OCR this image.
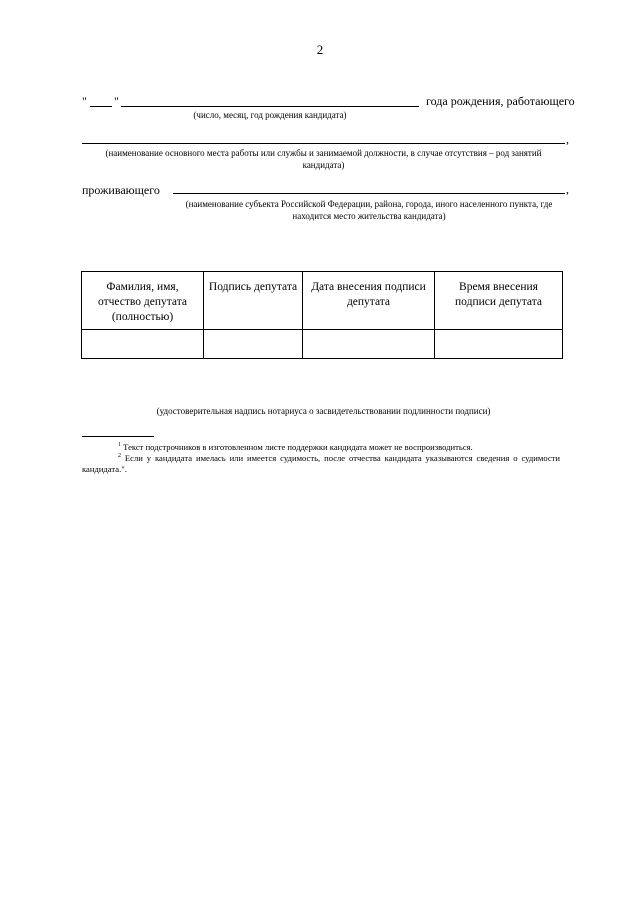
2
" "	года рождения, работающего
(число, месяц, год рождения кандидата)
,
(наименование основного места работы или службы и занимаемой должности, в случае отсутствия – род занятий
кандидата)
проживающего	,
(наименование субъекта Российской Федерации, района, города, иного населенного пункта, где
находится место жительства кандидата)
Фамилия, имя, отчество депутата (полностью)	Подпись депутата	Дата внесения подписи депутата	Время внесения подписи депутата

(удостоверительная надпись нотариуса о засвидетельствовании подлинности подписи)
$^1$ Текст подстрочников в изготовленном листе поддержки кандидата может не воспроизводиться.
$^2$ Если у кандидата имелась или имеется судимость, после отчества кандидата указываются сведения о судимости кандидата.".
